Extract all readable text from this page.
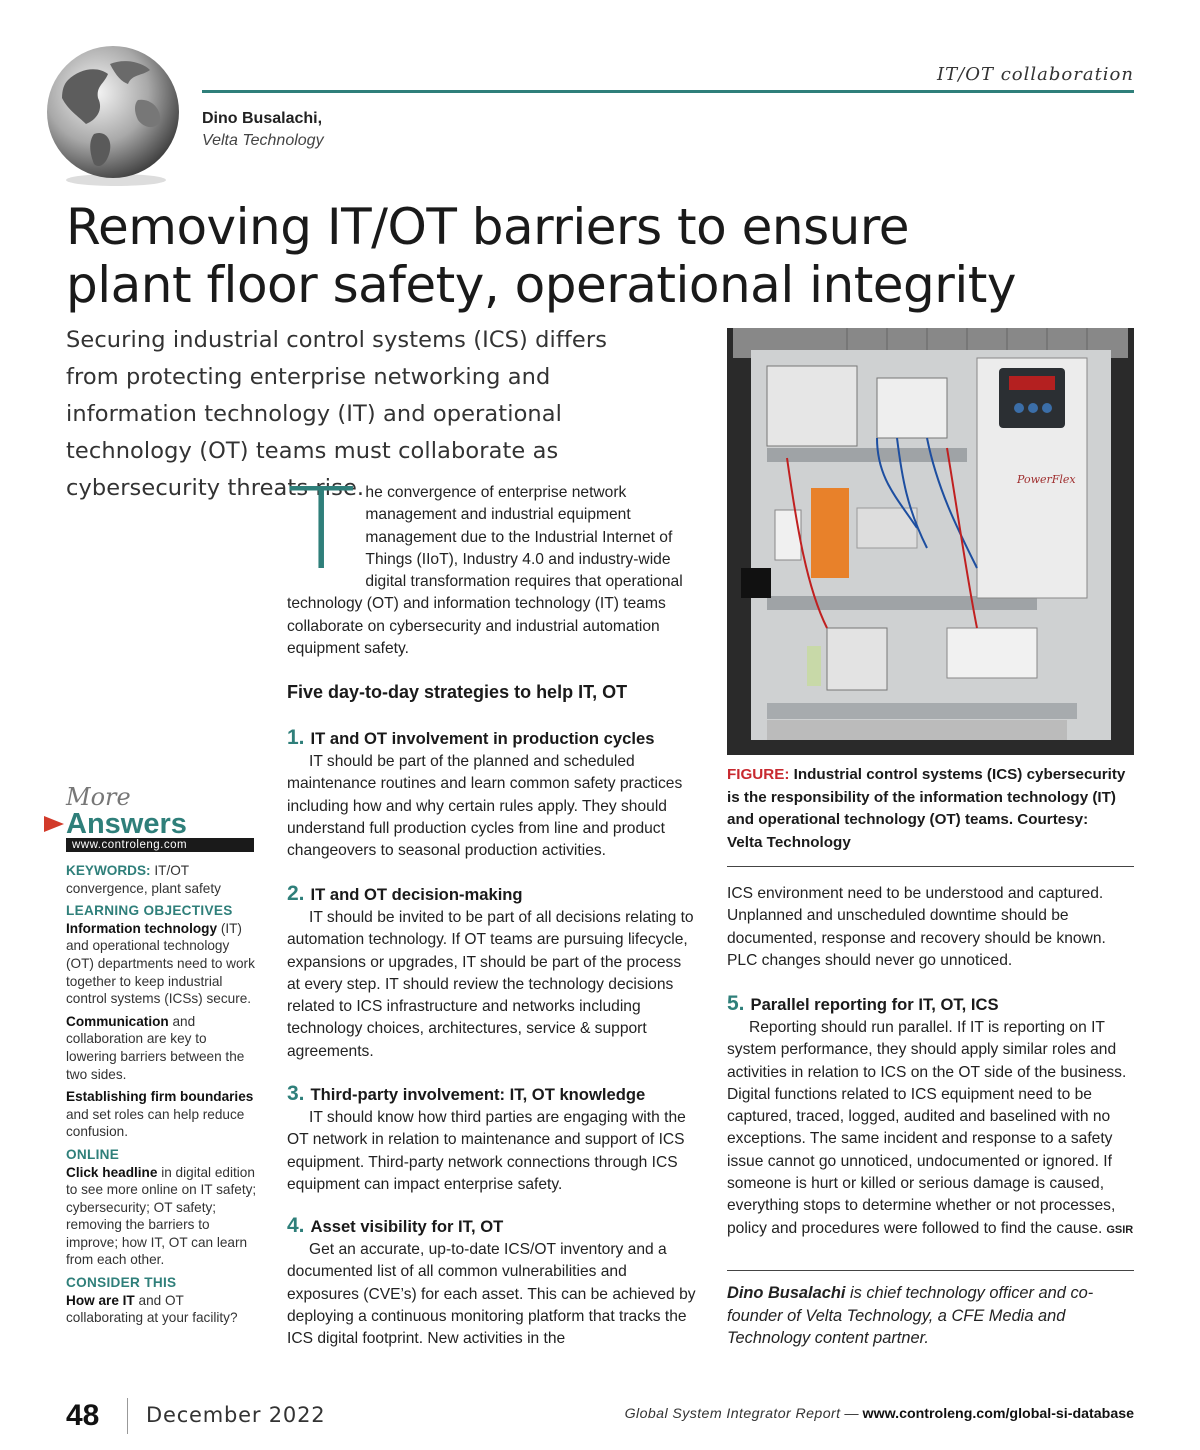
IT/OT collaboration
Dino Busalachi,
Velta Technology
Removing IT/OT barriers to ensure
plant floor safety, operational integrity
Securing industrial control systems (ICS) differs from protecting enterprise networking and information technology (IT) and operational technology (OT) teams must collaborate as cybersecurity threats rise.
The convergence of enterprise network management and industrial equipment management due to the Industrial Internet of Things (IIoT), Industry 4.0 and industry-wide digital transformation requires that operational technology (OT) and information technology (IT) teams collaborate on cybersecurity and industrial automation equipment safety.
Five day-to-day strategies to help IT, OT
1. IT and OT involvement in production cycles

IT should be part of the planned and scheduled maintenance routines and learn common safety practices including how and why certain rules apply. They should understand full production cycles from line and product changeovers to seasonal production activities.

2. IT and OT decision-making

IT should be invited to be part of all decisions relating to automation technology. If OT teams are pursuing lifecycle, expansions or upgrades, IT should be part of the process at every step. IT should review the technology decisions related to ICS infrastructure and networks including technology choices, architectures, service & support agreements.

3. Third-party involvement: IT, OT knowledge

IT should know how third parties are engaging with the OT network in relation to maintenance and support of ICS equipment. Third-party network connections through ICS equipment can impact enterprise safety.

4. Asset visibility for IT, OT

Get an accurate, up-to-date ICS/OT inventory and a documented list of all common vulnerabilities and exposures (CVE’s) for each asset. This can be achieved by deploying a continuous monitoring platform that tracks the ICS digital footprint. New activities in the

PowerFlex
FIGURE: Industrial control systems (ICS) cybersecurity is the responsibility of the information technology (IT) and operational technology (OT) teams. Courtesy: Velta Technology
ICS environment need to be understood and captured. Unplanned and unscheduled downtime should be documented, response and recovery should be known. PLC changes should never go unnoticed.
5. Parallel reporting for IT, OT, ICS

Reporting should run parallel. If IT is reporting on IT system performance, they should apply similar roles and activities in relation to ICS on the OT side of the business. Digital functions related to ICS equipment need to be captured, traced, logged, audited and baselined with no exceptions. The same incident and response to a safety issue cannot go unnoticed, undocumented or ignored. If someone is hurt or killed or serious damage is caused, everything stops to determine whether or not processes, policy and procedures were followed to find the cause. GSIR

Dino Busalachi is chief technology officer and co-founder of Velta Technology, a CFE Media and Technology content partner.
More
Answers
www.controleng.com

KEYWORDS: IT/OT convergence, plant safety

LEARNING OBJECTIVES

Information technology (IT) and operational technology (OT) departments need to work together to keep industrial control systems (ICSs) secure.

Communication and collaboration are key to lowering barriers between the two sides.

Establishing firm boundaries and set roles can help reduce confusion.

ONLINE

Click headline in digital edition to see more online on IT safety; cybersecurity; OT safety; removing the barriers to improve; how IT, OT can learn from each other.

CONSIDER THIS

How are IT and OT collaborating at your facility?

48 December 2022	Global System Integrator Report — www.controleng.com/global-si-database
